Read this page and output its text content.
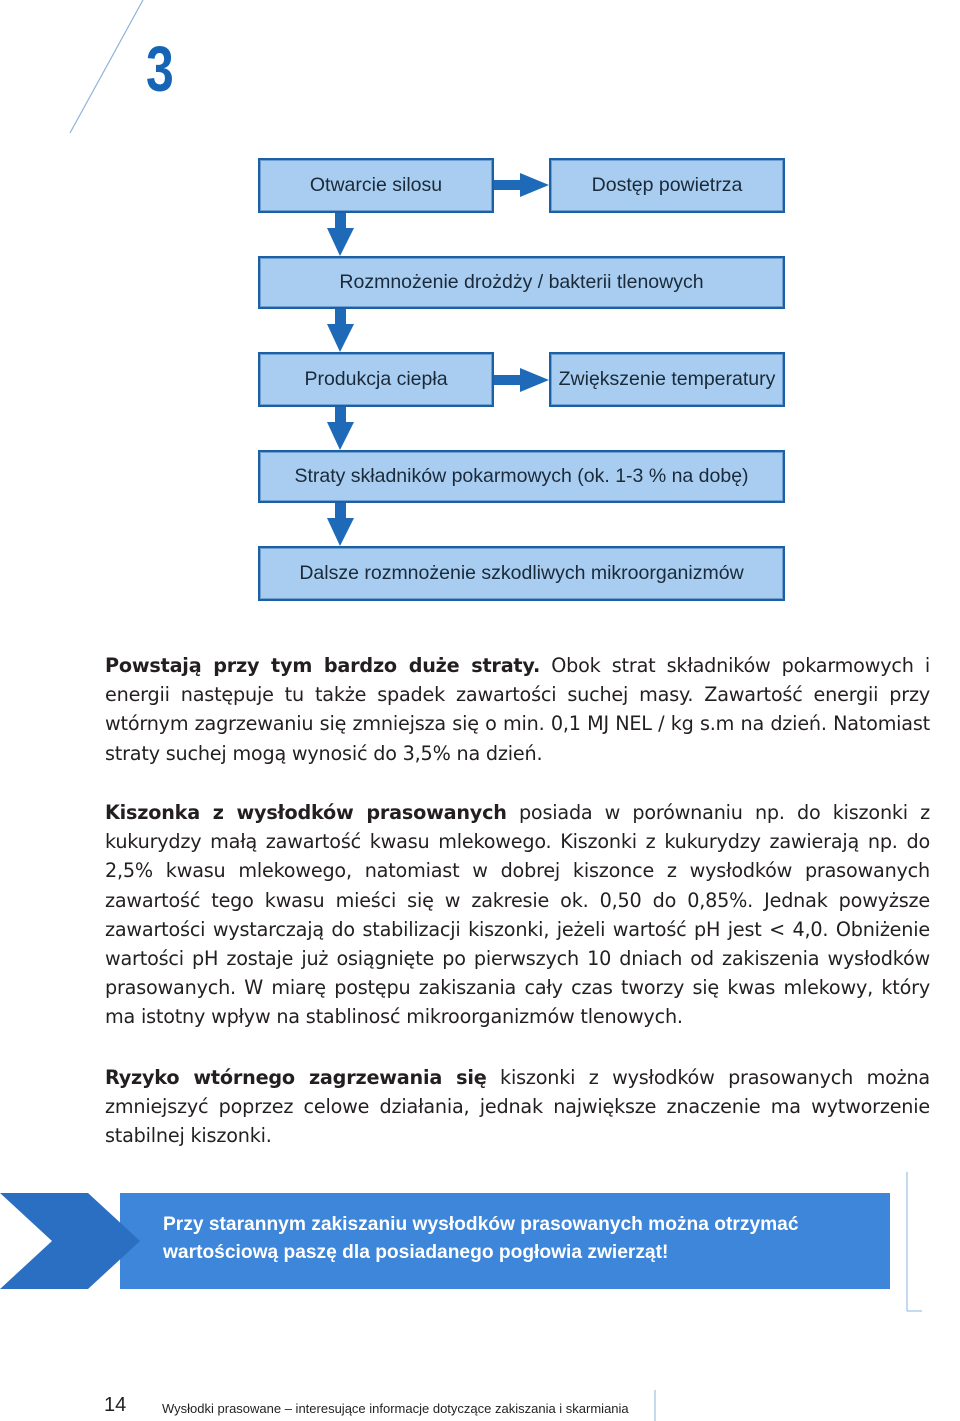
3
Otwarcie silosu	Dostęp powietrza
Rozmnożenie drożdży / bakterii tlenowych
Produkcja ciepła	Zwiększenie temperatury
Straty składników pokarmowych (ok. 1-3 % na dobę)
Dalsze rozmnożenie szkodliwych mikroorganizmów

Powstają przy tym bardzo duże straty. Obok strat składników pokarmowych i energii następuje tu także spadek zawartości suchej masy. Zawartość energii przy wtórnym zagrzewaniu się zmniejsza się o min. 0,1 MJ NEL / kg s.m na dzień. Natomiast straty suchej mogą wynosić do 3,5% na dzień.

Kiszonka z wysłodków prasowanych posiada w porównaniu np. do kiszonki z kukurydzy małą zawartość kwasu mlekowego. Kiszonki z kukurydzy zawierają np. do 2,5% kwasu mlekowego, natomiast w dobrej kiszonce z wysłodków prasowanych zawartość tego kwasu mieści się w zakresie ok. 0,50 do 0,85%. Jednak powyższe zawartości wystarczają do stabilizacji kiszonki, jeżeli wartość pH jest < 4,0. Obniżenie wartości pH zostaje już osiągnięte po pierwszych 10 dniach od zakiszenia wysłodków prasowanych. W miarę postępu zakiszania cały czas tworzy się kwas mlekowy, który ma istotny wpływ na stablinosć mikroorganizmów tlenowych.

Ryzyko wtórnego zagrzewania się kiszonki z wysłodków prasowanych można zmniejszyć poprzez celowe działania, jednak największe znaczenie ma wytworzenie stabilnej kiszonki.

Przy starannym zakiszaniu wysłodków prasowanych można otrzymać wartościową paszę dla posiadanego pogłowia zwierząt!

14	Wysłodki prasowane – interesujące informacje dotyczące zakiszania i skarmiania
